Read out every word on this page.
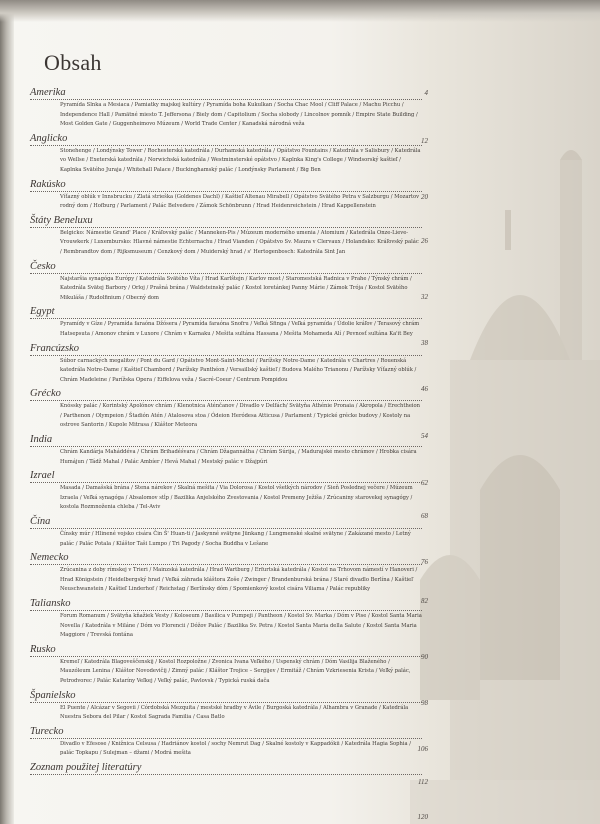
Obsah
4
12
20
26
32
38
46
54
62
68
76
82
90
98
106
112
120
Amerika
Pyramída Slnka a Mesiaca / Pamiatky majskej kultúry / Pyramída boha Kukulkan / Socha Chac Mool / Cliff Palace / Machu Picchu / Independence Hall / Pamätné miesto T. Jeffersona / Biely dom / Capitolium / Socha slobody / Lincolnov pomník / Empire State Building / Most Golden Gate / Guggenheimovo Múzeum / World Trade Center / Kanadská národná veža
Anglicko
Stonehenge / Londýnsky Tower / Rochesterská katedrála / Durhamská katedrála / Opátstvo Fountains / Katedrála v Salisbury / Katedrála vo Wellse / Exeterská katedrála / Norwichská katedrála / Westminsterské opátstvo / Kaplnka King's College / Windsorský kaštieľ / Kaplnka Svätého Juraja / Whitehall Palace / Buckinghamský palác / Londýnsky Parlament / Big Ben
Rakúsko
Víťazný oblúk v Innsbrucku / Zlatá strieška (Goldenes Dachl) / Kaštieľ Altenau Mirabell / Opátstvo Svätého Petra v Salzburgu / Mozartov rodný dom / Hofburg / Parlament / Palác Belvedere / Zámok Schönbrunn / Hrad Heidenreichstein / Hrad Kappellenstein
Štáty Beneluxu
Belgicko: Námestie Grand' Place / Kráľovský palác / Manneken-Pis / Múzeum moderného umenia / Atomium / Katedrála Onze-Lieve- Vrouwkerk / Luxembursko: Hlavné námestie Echternachu / Hrad Vianden / Opátstvo Sv. Maura v Clervaux / Holandsko: Kráľovský palác / Rembrandtov dom / Rijksmuseum / Cenzkový dom / Muiderský hrad / s' Hertogenbosch: Katedrála Sint Jan
Česko
Najstaršia synagóga Európy / Katedrála Svätého Víta / Hrad Karlštejn / Karlov most / Staromestská Radnica v Prahe / Týnský chrám / Katedrála Svätej Barbory / Orloj / Prašná brána / Waldsteinský palác / Kostol loretánkej Panny Márie / Zámok Trója / Kostol Svätého Mikuláša / Rudolfinium / Obecný dom
Egypt
Pyramídy v Gíze / Pyramída faraóna Džósera / Pyramída faraóna Snofru / Veľká Sfinga / Veľká pyramída / Údolie kráľov / Terasový chrám Hatsepsuta / Amonov chrám v Luxore / Chrám v Karnaku / Mešita sultána Hassana / Mešita Mohameda Alí / Pevnosť sultána Ka'it Bey
Francúzsko
Súbor carnackých megalitov / Pont du Gard / Opátstvo Mont-Saint-Michel / Parížsky Notre-Dame / Katedrála v Chartres / Rouenská katedrála Notre-Dame / Kaštieľ Chambord / Parížsky Panthéon / Versaillský kaštieľ / Budova Malého Trianonu / Parížsky Víťazný oblúk / Chrám Madeleine / Parížska Opera / Eiffelova veža / Sacré-Coeur / Centrum Pompidou
Grécko
Knóssky palác / Korintský Apolónov chrám / Klenotnica Aténčanov / Divadlo v Delfách/ Svätyňa Athénie Pronaia / Akropola / Erechtheion / Parthenon / Olympeion / Štadión Atén / Atalosova stoa / Ódeion Heródesa Atticusa / Parlament / Typické grécke budovy / Kostoly na ostrove Santorin / Kupole Mitrasa / Kláštor Meteora
India
Chrám Kandárja Maháddéva / Chrám Brihadéśvara / Chrám Džagannátha / Chrám Súrija, / Madurajské mesto chrámov / Hrobka cisára Humájun / Tádž Mahal / Palác Ambíer / Hevá Mahal / Mestský palác v Džajpúri
Izrael
Masada / Damašská brána / Stena nárekov / Skalná mešita / Via Dolorosa / Kostol všetkých národov / Sieň Poslednej večere / Múzeum Izraela / Veľká synagóga / Absalomov stĺp / Bazilika Anjelského Zvestovania / Kostol Premeny Ježiša / Zrúcaniny starovekej synagógy / kostola Rozmnoženia chleba / Tel-Aviv
Čína
Čínsky múr / Hlinené vojsko cisára Čin Š' Huan-ti / Jaskynné svätyne Jünkang / Lungmenské skalné svätyne / Zakázané mesto / Letný palác / Palác Potala / Kláštor Taši Lumpo / Tri Pagody / Socha Buddha v Lešane
Nemecko
Zrúcanina z doby rímskej v Trieri / Mainzská katedrála / Hrad Wartburg / Erfurtská katedrála / Kostol na Trhovom námestí v Hanoveri / Hrad Königstein / Heidelbergský hrad / Veľká záhrada kláštora Zoše / Zwinger / Brandenburská brána / Staré divadlo Berlína / Kaštieľ Neuschwanstein / Kaštieľ Linderhof / Reichstag / Berlínsky dóm / Spomienkový kostol cisára Viliama / Palác republiky
Taliansko
Forum Romanum / Svätyňa kňažiek Vesty / Koloseum / Basilica v Pumpeji / Pantheon / Kostol Sv. Marka / Dóm v Pise / Kostol Santa Maria Novella / Katedrála v Miláne / Dóm vo Florencii / Dóžov Palác / Bazilika Sv. Petra / Kostol Santa Maria della Salute / Kostol Santa Maria Maggiore / Trevská fontána
Rusko
Kremeľ / Katedrála Blagoveščenskij / Kostol Rozpoložne / Zvonica Ivana Veľkého / Uspenský chrám / Dóm Vasilija Blaženého / Mauzóleum Lenina / Kláštor Novodevičij / Zimný palác / Kláštor Trojice – Sergijev / Ermitáž / Chrám Vzkriesenia Krista / Veľký palác, Petrodvorec / Palác Kataríny Veľkej / Veľký palác, Pavlovsk / Typická ruská dača
Španielsko
El Puente / Alcázar v Segovii / Córdobská Mezquita / mestské hradby v Ávile / Burgoská katedrála / Alhambra v Granade / Katedrála Nuestra Sebora del Pilar / Kostol Sagrada Familia / Casa Batlo
Turecko
Divadlo v Efesose / Knižnica Celsusa / Hadriánov kostol / sochy Nemrut Dag / Skalné kostoly v Kappadókii / Katedrála Hagia Sophia / palác Topkapu / Sulejman – džami / Modrá mešita
Zoznam použitej literatúry
